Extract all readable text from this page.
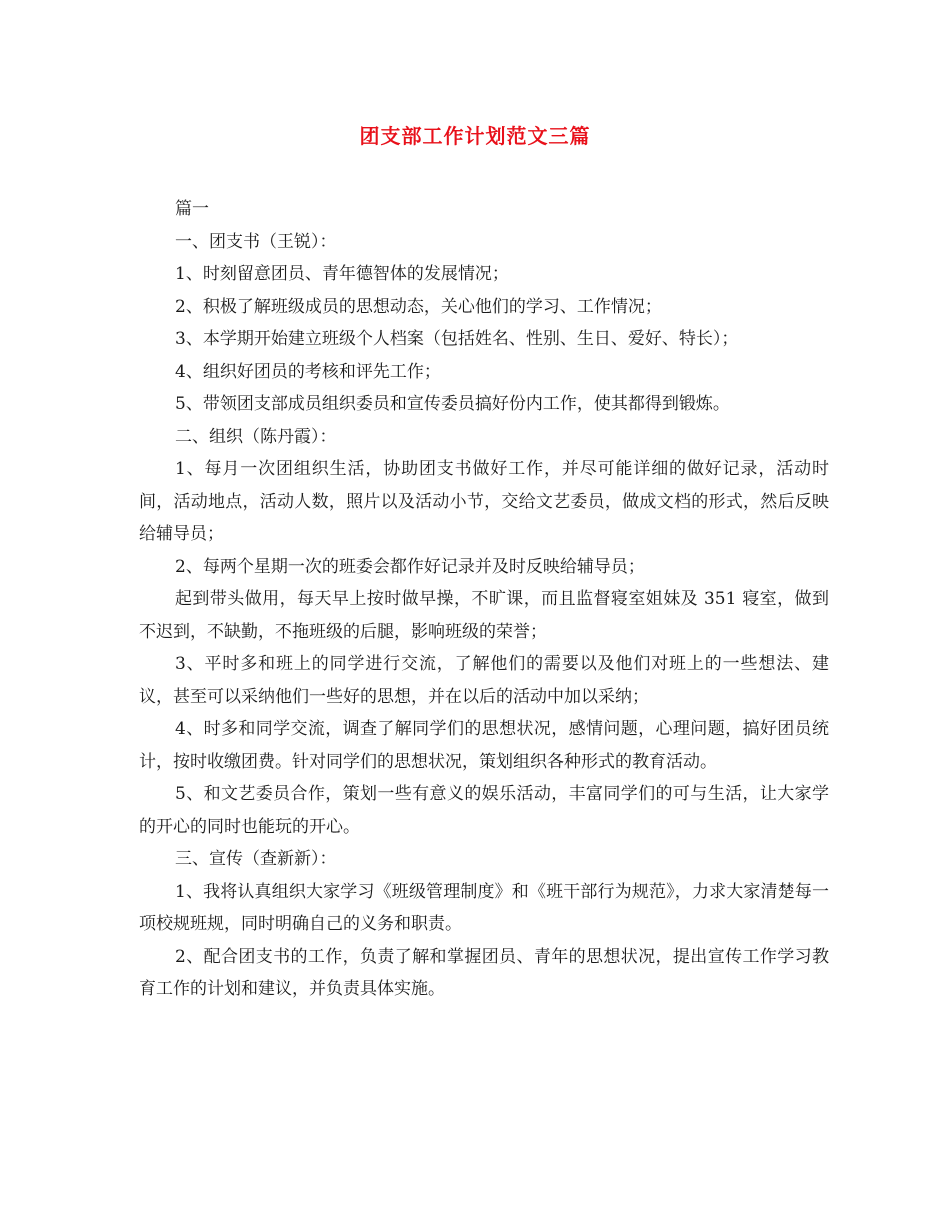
团支部工作计划范文三篇

篇一

一、团支书（王锐）：

1、时刻留意团员、青年德智体的发展情况；

2、积极了解班级成员的思想动态，关心他们的学习、工作情况；

3、本学期开始建立班级个人档案（包括姓名、性别、生日、爱好、特长）；

4、组织好团员的考核和评先工作；

5、带领团支部成员组织委员和宣传委员搞好份内工作，使其都得到锻炼。

二、组织（陈丹霞）：

1、每月一次团组织生活，协助团支书做好工作，并尽可能详细的做好记录，活动时间，活动地点，活动人数，照片以及活动小节，交给文艺委员，做成文档的形式，然后反映给辅导员；

2、每两个星期一次的班委会都作好记录并及时反映给辅导员；

起到带头做用，每天早上按时做早操，不旷课，而且监督寝室姐妹及 351 寝室，做到不迟到，不缺勤，不拖班级的后腿，影响班级的荣誉；

3、平时多和班上的同学进行交流，了解他们的需要以及他们对班上的一些想法、建议，甚至可以采纳他们一些好的思想，并在以后的活动中加以采纳；

4、时多和同学交流，调查了解同学们的思想状况，感情问题，心理问题，搞好团员统计，按时收缴团费。针对同学们的思想状况，策划组织各种形式的教育活动。

5、和文艺委员合作，策划一些有意义的娱乐活动，丰富同学们的可与生活，让大家学的开心的同时也能玩的开心。

三、宣传（查新新）：

1、我将认真组织大家学习《班级管理制度》和《班干部行为规范》，力求大家清楚每一项校规班规，同时明确自己的义务和职责。

2、配合团支书的工作，负责了解和掌握团员、青年的思想状况，提出宣传工作学习教育工作的计划和建议，并负责具体实施。
